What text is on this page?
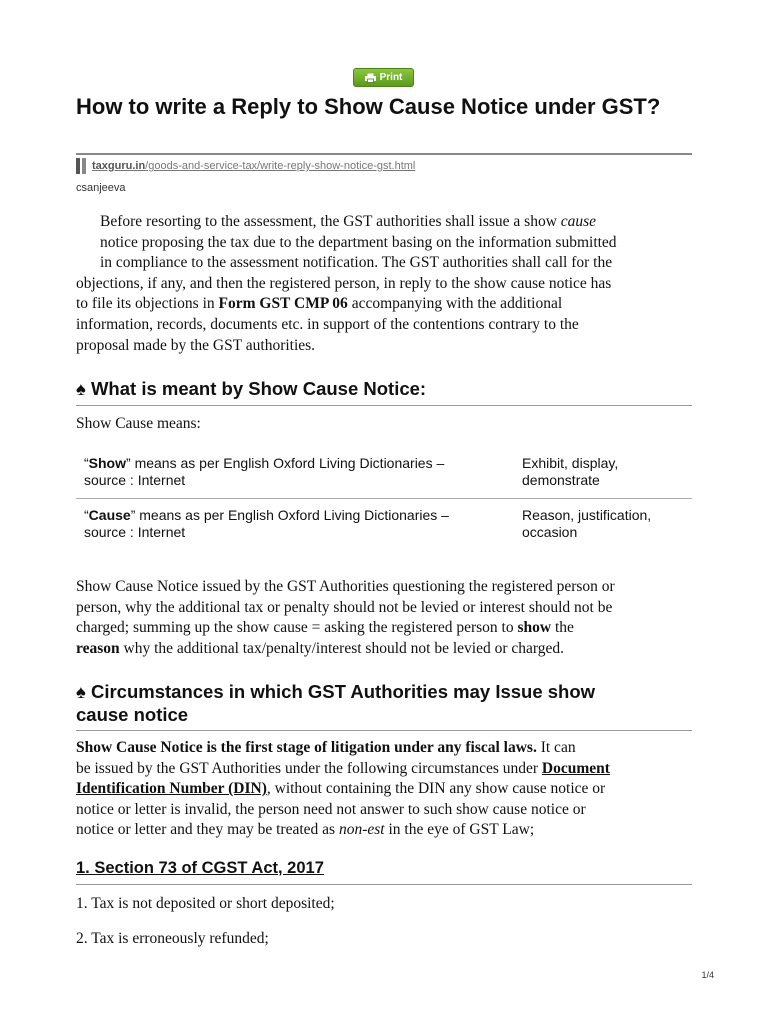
Print
How to write a Reply to Show Cause Notice under GST?
taxguru.in/goods-and-service-tax/write-reply-show-notice-gst.html
csanjeeva
Before resorting to the assessment, the GST authorities shall issue a show cause
notice proposing the tax due to the department basing on the information submitted
in compliance to the assessment notification. The GST authorities shall call for the
objections, if any, and then the registered person, in reply to the show cause notice has
to file its objections in Form GST CMP 06 accompanying with the additional
information, records, documents etc. in support of the contentions contrary to the
proposal made by the GST authorities.
♠ What is meant by Show Cause Notice:

Show Cause means:

“Show” means as per English Oxford Living Dictionaries –
source : Internet
Exhibit, display,
demonstrate
“Cause” means as per English Oxford Living Dictionaries –
source : Internet
Reason, justification,
occasion
Show Cause Notice issued by the GST Authorities questioning the registered person or
person, why the additional tax or penalty should not be levied or interest should not be
charged; summing up the show cause = asking the registered person to show the
reason why the additional tax/penalty/interest should not be levied or charged.
♠ Circumstances in which GST Authorities may Issue show
cause notice
Show Cause Notice is the first stage of litigation under any fiscal laws. It can
be issued by the GST Authorities under the following circumstances under Document
Identification Number (DIN), without containing the DIN any show cause notice or
notice or letter is invalid, the person need not answer to such show cause notice or
notice or letter and they may be treated as non-est in the eye of GST Law;
1. Section 73 of CGST Act, 2017

1. Tax is not deposited or short deposited;

2. Tax is erroneously refunded;

1/4
